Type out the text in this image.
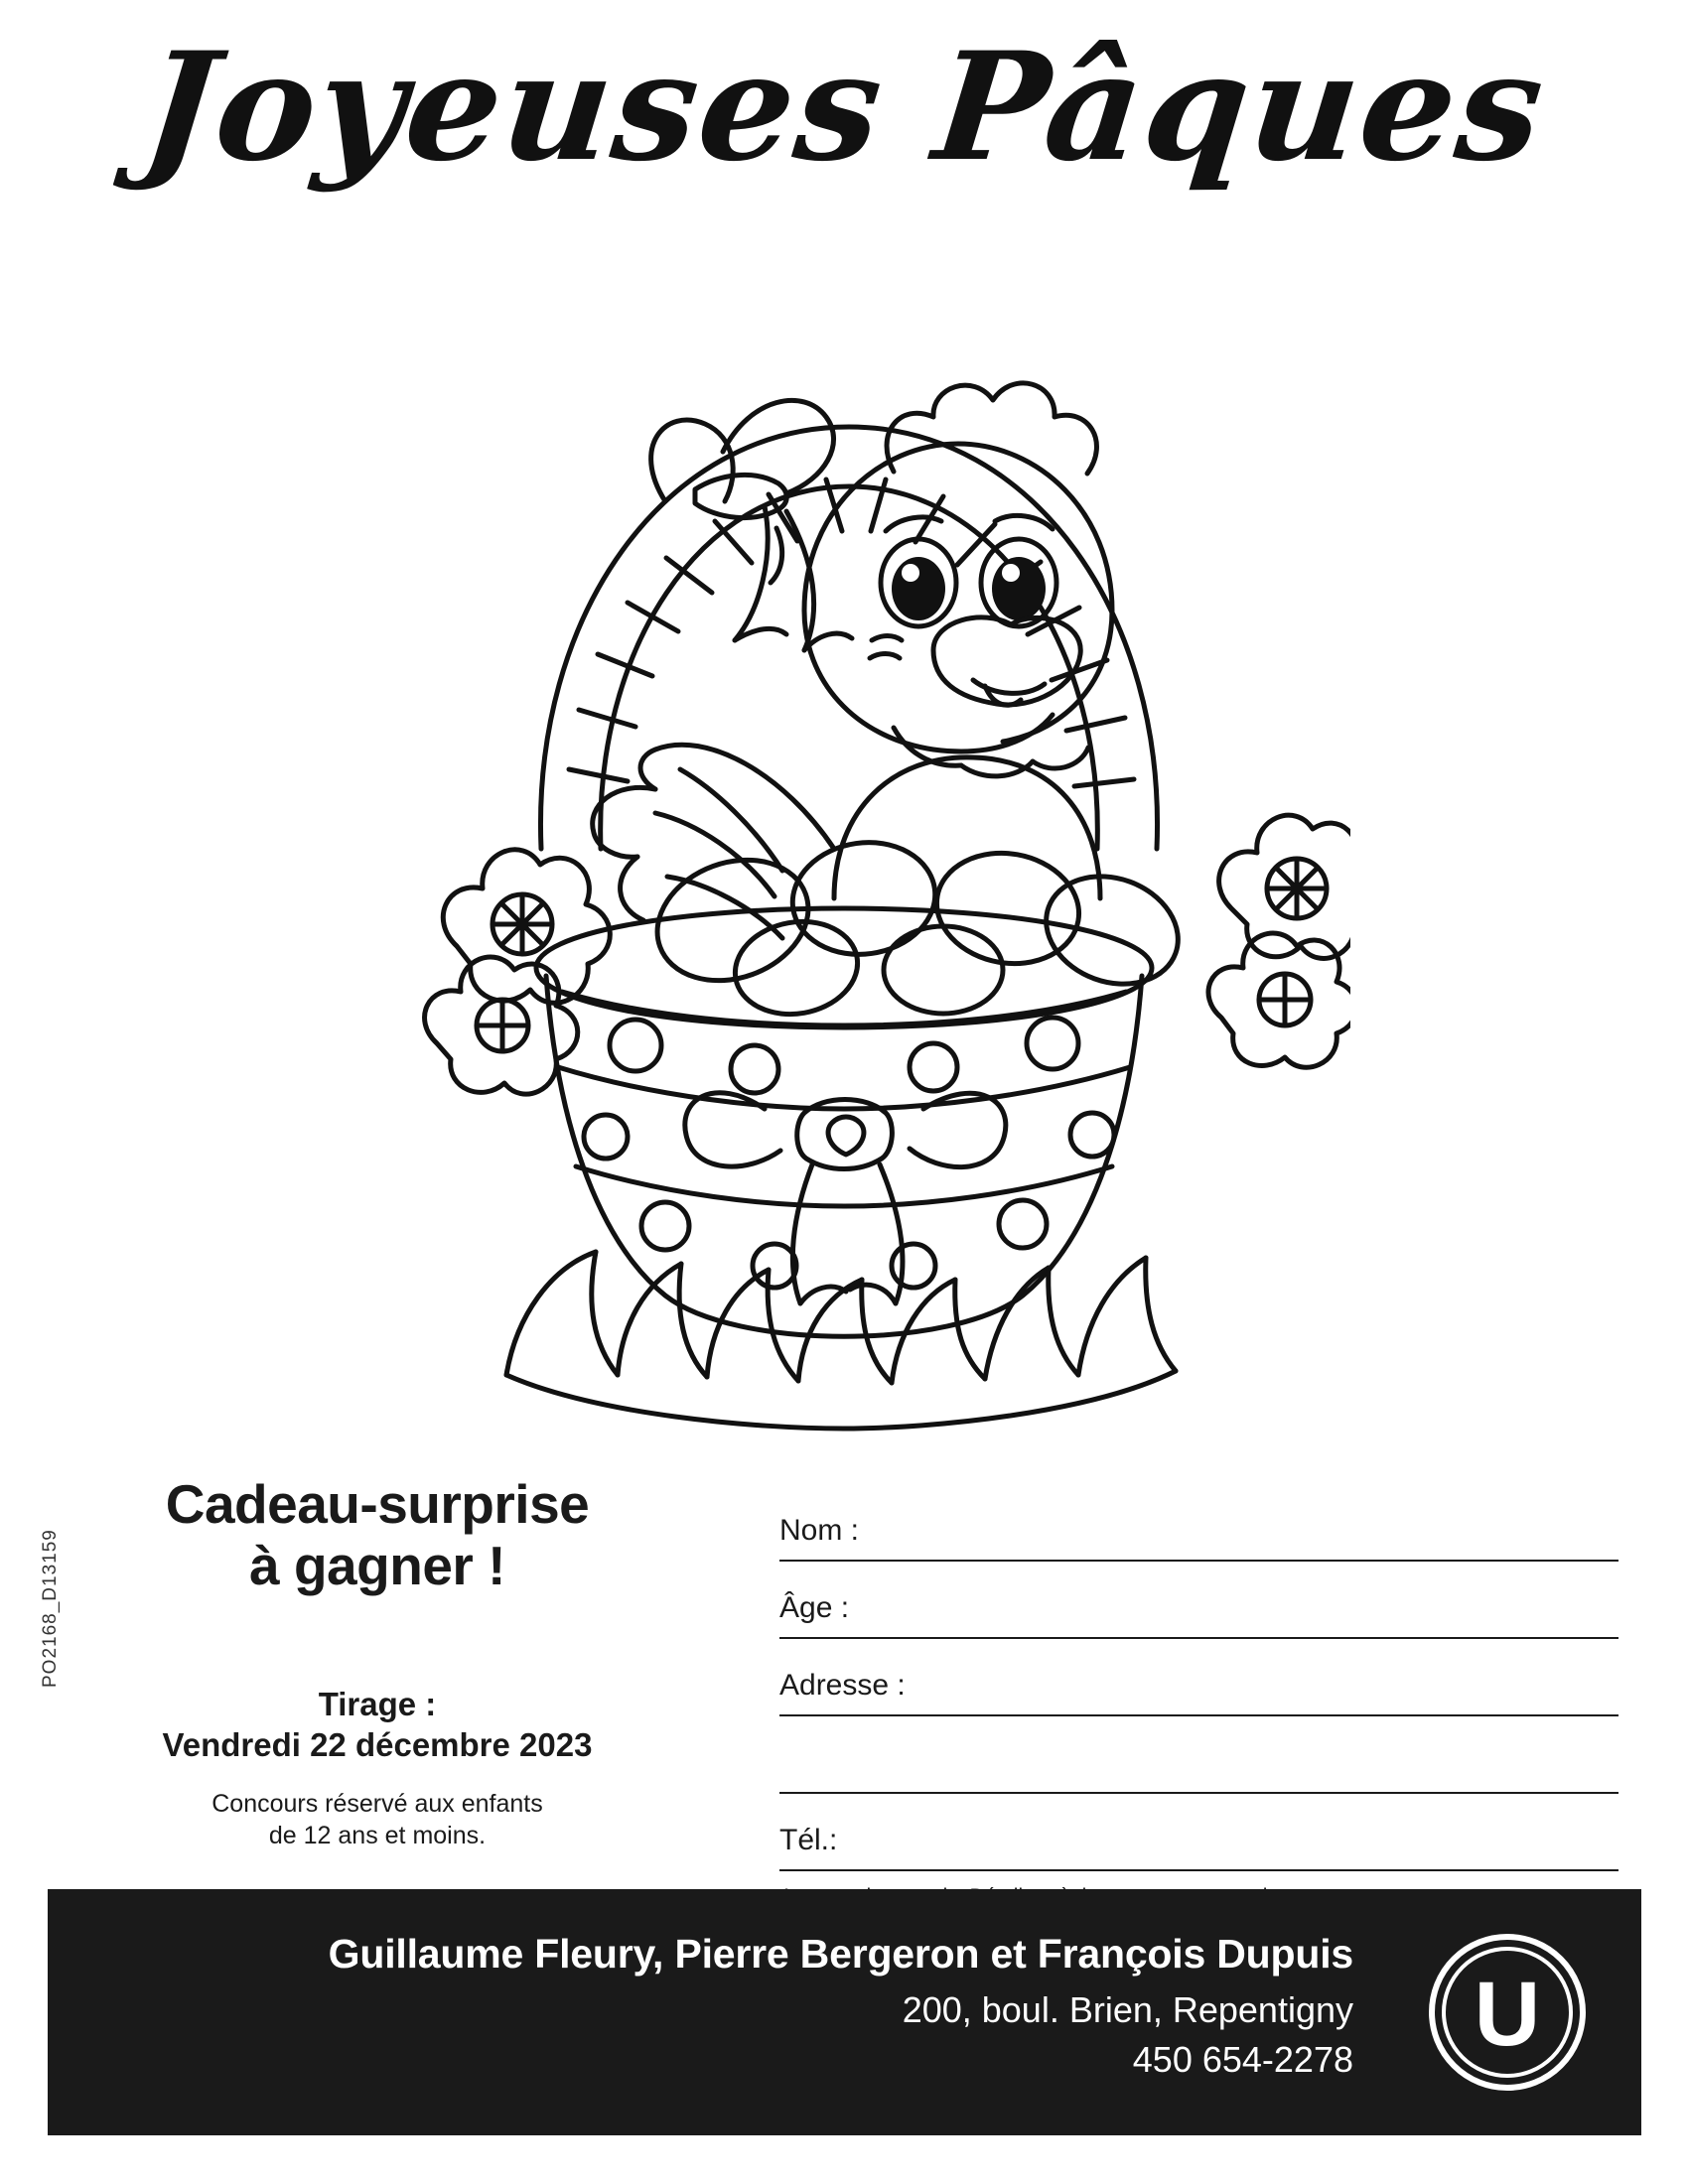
Joyeuses Pâques
Cadeau-surprise
à gagner !
Tirage :
Vendredi 22 décembre 2023
Concours réservé aux enfants
de 12 ans et moins.
PO2168_D13159	Nom :
Âge :
Adresse :
Tél.:
Guillaume Fleury, Pierre Bergeron et François Dupuis
200, boul. Brien, Repentigny
450 654-2278 U
